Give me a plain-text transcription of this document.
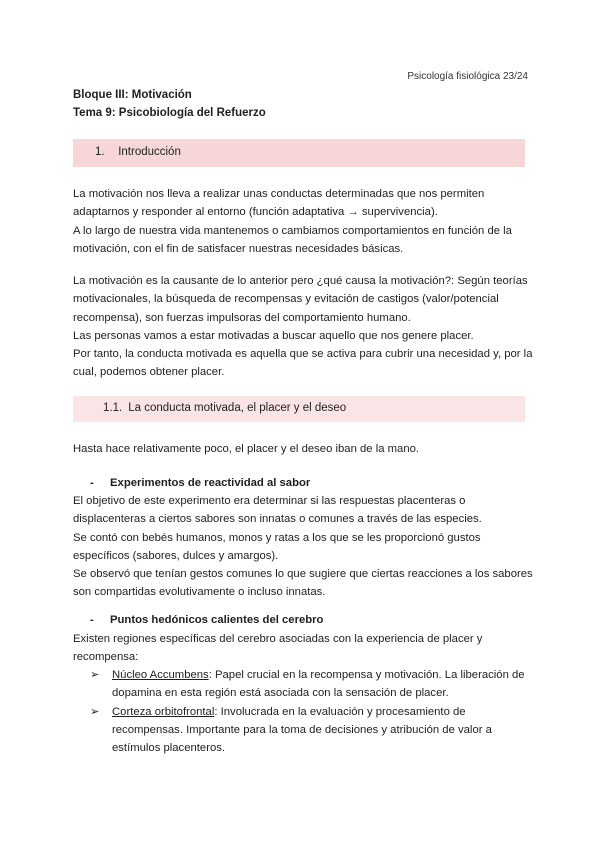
Psicología fisiológica 23/24
Bloque III: Motivación
Tema 9: Psicobiología del Refuerzo
1. Introducción
La motivación nos lleva a realizar unas conductas determinadas que nos permiten
adaptarnos y responder al entorno (función adaptativa → supervivencia).
A lo largo de nuestra vida mantenemos o cambiamos comportamientos en función de la
motivación, con el fin de satisfacer nuestras necesidades básicas.
La motivación es la causante de lo anterior pero ¿qué causa la motivación?: Según teorías
motivacionales, la búsqueda de recompensas y evitación de castigos (valor/potencial
recompensa), son fuerzas impulsoras del comportamiento humano.
Las personas vamos a estar motivadas a buscar aquello que nos genere placer.
Por tanto, la conducta motivada es aquella que se activa para cubrir una necesidad y, por la
cual, podemos obtener placer.
1.1. La conducta motivada, el placer y el deseo
Hasta hace relativamente poco, el placer y el deseo iban de la mano.
- Experimentos de reactividad al sabor
El objetivo de este experimento era determinar si las respuestas placenteras o
displacenteras a ciertos sabores son innatas o comunes a través de las especies.
Se contó con bebés humanos, monos y ratas a los que se les proporcionó gustos
específicos (sabores, dulces y amargos).
Se observó que tenían gestos comunes lo que sugiere que ciertas reacciones a los sabores
son compartidas evolutivamente o incluso innatas.
- Puntos hedónicos calientes del cerebro
Existen regiones específicas del cerebro asociadas con la experiencia de placer y
recompensa:
➢ Núcleo Accumbens: Papel crucial en la recompensa y motivación. La liberación de
dopamina en esta región está asociada con la sensación de placer.
➢ Corteza orbitofrontal: Involucrada en la evaluación y procesamiento de
recompensas. Importante para la toma de decisiones y atribución de valor a
estímulos placenteros.
